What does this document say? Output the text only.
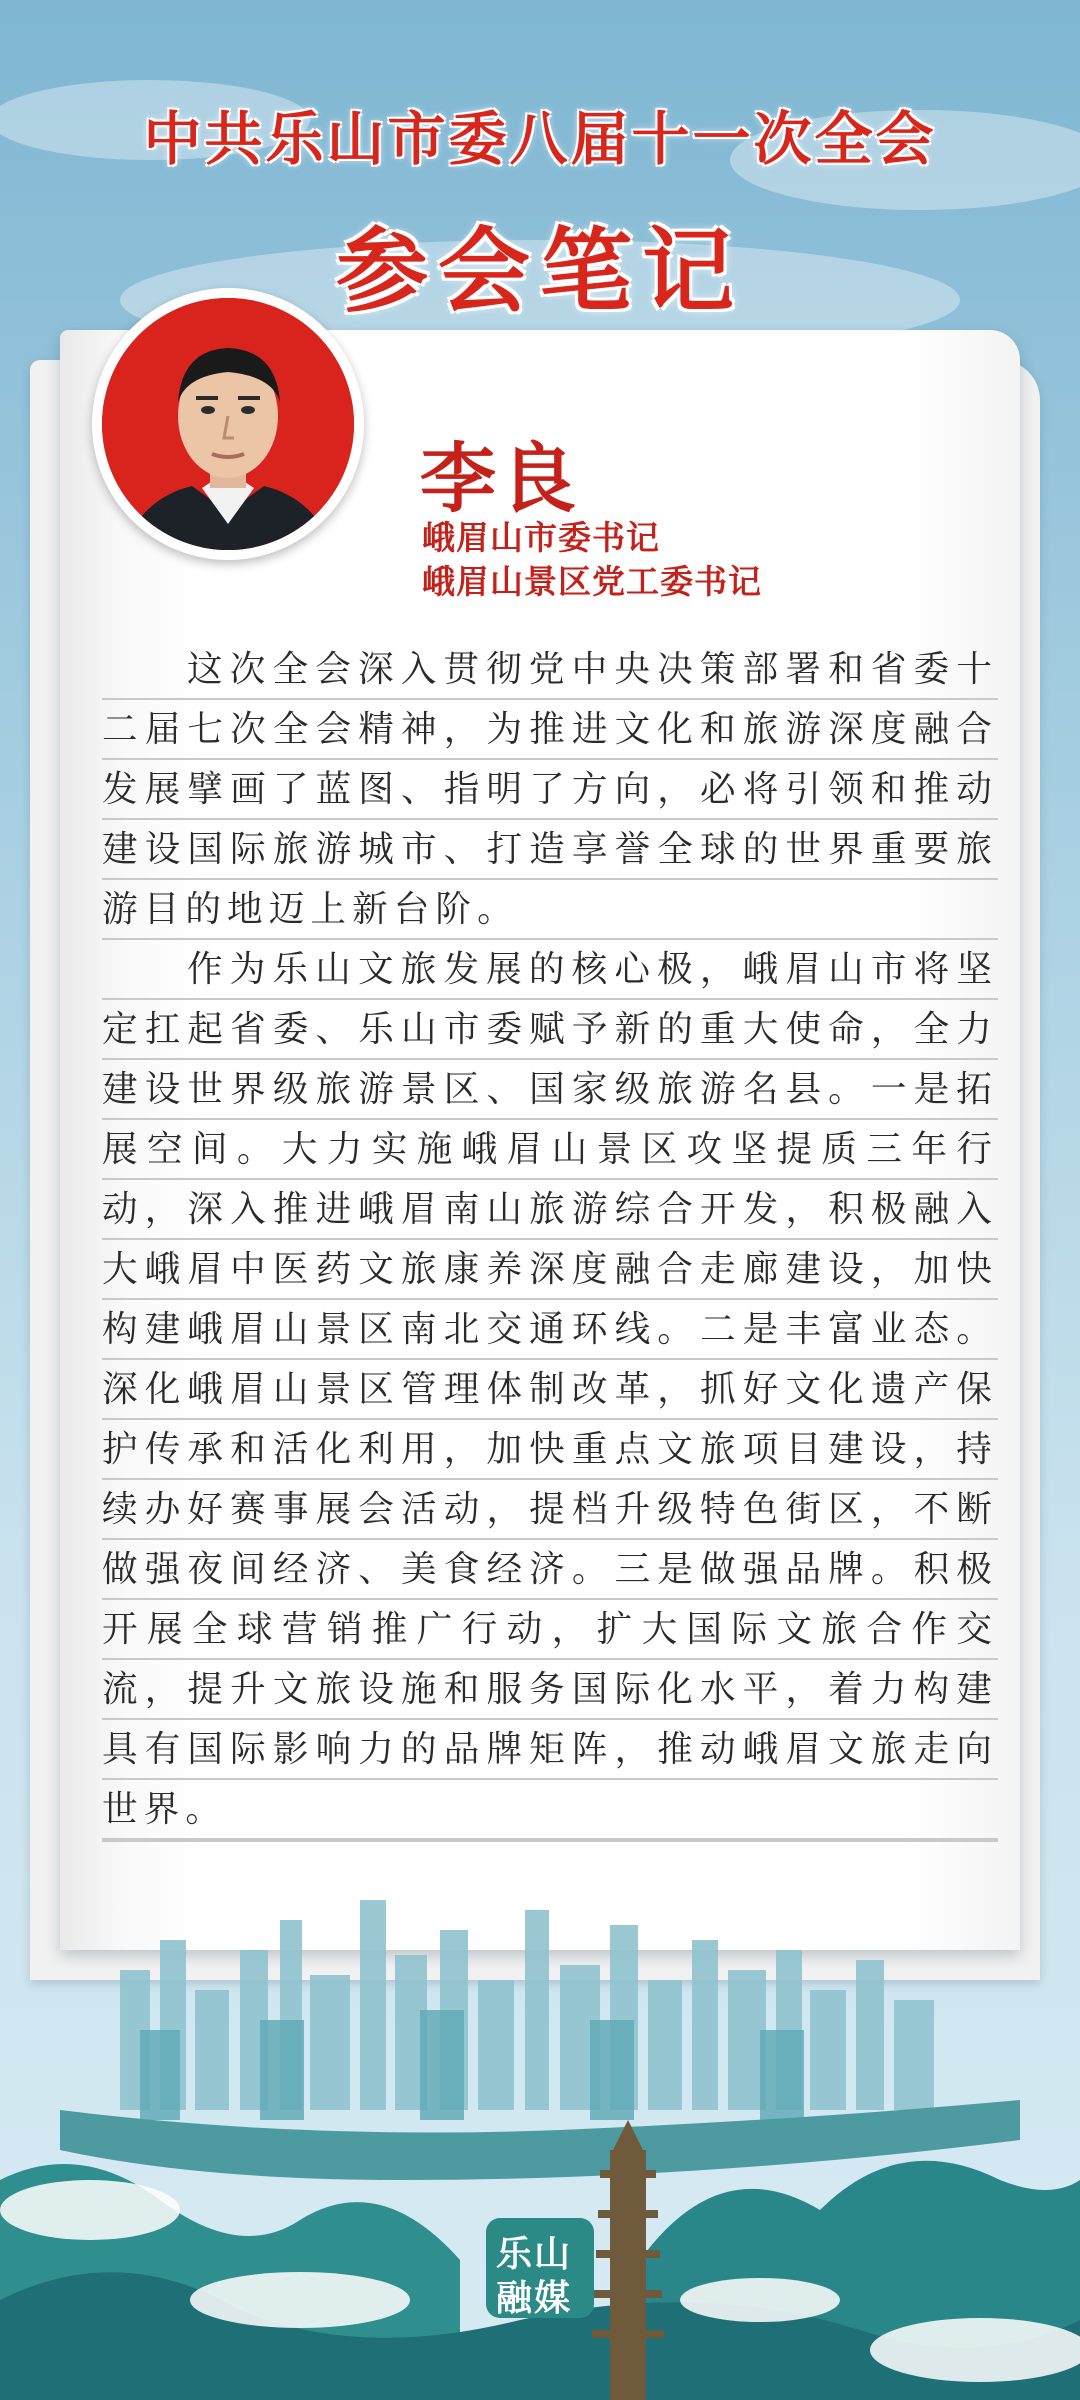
中共乐山市委八届十一次全会
参会笔记
李良
峨眉山市委书记
峨眉山景区党工委书记

这次全会深入贯彻党中央决策部署和省委十二届七次全会精神，为推进文化和旅游深度融合发展擘画了蓝图、指明了方向，必将引领和推动建设国际旅游城市、打造享誉全球的世界重要旅游目的地迈上新台阶。

作为乐山文旅发展的核心极，峨眉山市将坚定扛起省委、乐山市委赋予新的重大使命，全力建设世界级旅游景区、国家级旅游名县。一是拓展空间。大力实施峨眉山景区攻坚提质三年行动，深入推进峨眉南山旅游综合开发，积极融入大峨眉中医药文旅康养深度融合走廊建设，加快构建峨眉山景区南北交通环线。二是丰富业态。深化峨眉山景区管理体制改革，抓好文化遗产保护传承和活化利用，加快重点文旅项目建设，持续办好赛事展会活动，提档升级特色街区，不断做强夜间经济、美食经济。三是做强品牌。积极开展全球营销推广行动，扩大国际文旅合作交流，提升文旅设施和服务国际化水平，着力构建具有国际影响力的品牌矩阵，推动峨眉文旅走向世界。

乐山
融媒
